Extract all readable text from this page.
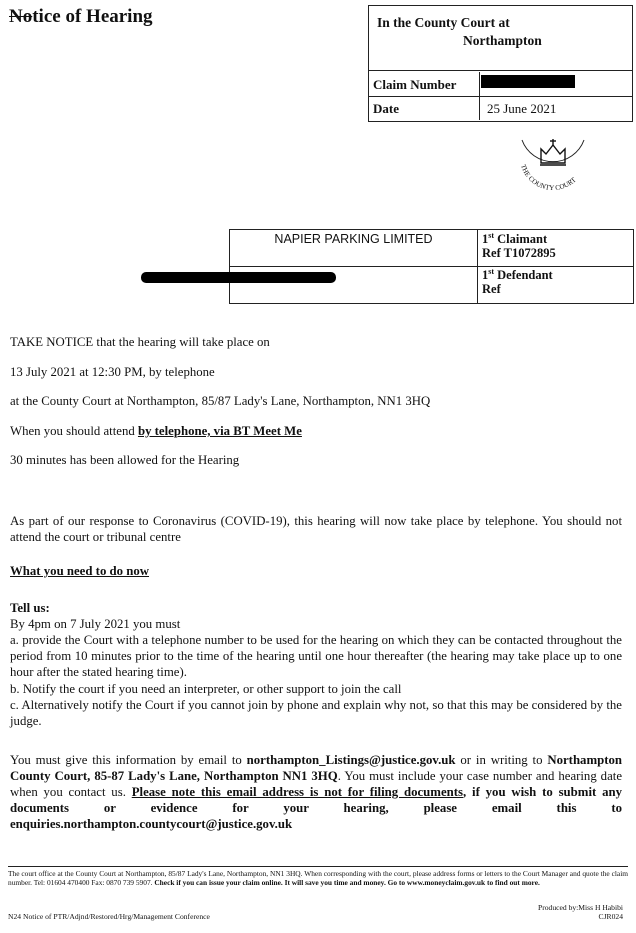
Notice of Hearing	In the County Court at
Northampton
Claim Number
Date	25 June 2021
THE COUNTY COURT
NAPIER PARKING LIMITED	1st Claimant
Ref T1072895
1st Defendant
Ref
TAKE NOTICE that the hearing will take place on
13 July 2021 at 12:30 PM, by telephone
at the County Court at Northampton, 85/87 Lady's Lane, Northampton, NN1 3HQ
When you should attend by telephone, via BT Meet Me
30 minutes has been allowed for the Hearing
As part of our response to Coronavirus (COVID-19), this hearing will now take place by telephone. You should not attend the court or tribunal centre
What you need to do now
Tell us:
By 4pm on 7 July 2021 you must
a. provide the Court with a telephone number to be used for the hearing on which they can be contacted throughout the period from 10 minutes prior to the time of the hearing until one hour thereafter (the hearing may take place up to one hour after the stated hearing time).
b. Notify the court if you need an interpreter, or other support to join the call
c. Alternatively notify the Court if you cannot join by phone and explain why not, so that this may be considered by the judge.
You must give this information by email to northampton_Listings@justice.gov.uk or in writing to Northampton County Court, 85-87 Lady's Lane, Northampton NN1 3HQ. You must include your case number and hearing date when you contact us. Please note this email address is not for filing documents, if you wish to submit any documents or evidence for your hearing, please email this to enquiries.northampton.countycourt@justice.gov.uk
The court office at the County Court at Northampton, 85/87 Lady's Lane, Northampton, NN1 3HQ. When corresponding with the court, please address forms or letters to the Court Manager and quote the claim number. Tel: 01604 470400 Fax: 0870 739 5907. Check if you can issue your claim online. It will save you time and money. Go to www.moneyclaim.gov.uk to find out more.
N24 Notice of PTR/Adjnd/Restored/Hrg/Management Conference
Produced by:Miss H Habibi
CJR024
